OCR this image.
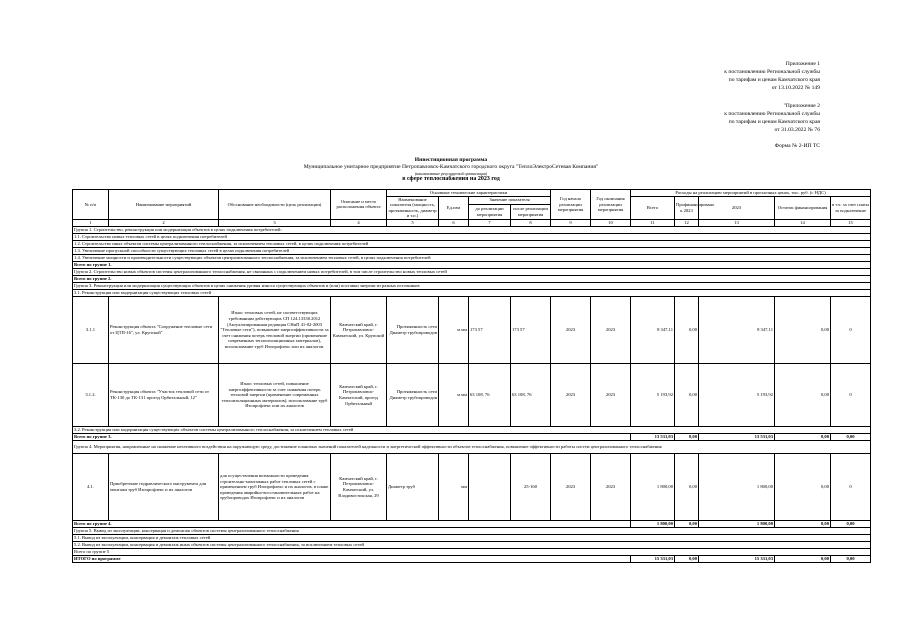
Приложение 1
к постановлению Региональной службы
по тарифам и ценам Камчатского края
от 13.10.2022 № 149
"Приложение 2
к постановлению Региональной службы
по тарифам и ценам Камчатского края
от 31.03.2022 № 76
Форма № 2-ИП ТС
Инвестиционная программа
Муниципальное унитарное предприятие Петропавловск-Камчатского городского округа "ТеплоЭлектроСетевая Компания"
(наименование регулируемой организации)
в сфере теплоснабжения на 2023 год
№ п/п	Наименование мероприятий	Обоснование необходимости (цель реализации)	Описание и место расположения объекта	Основные технические характеристики				Год начала реализации мероприятия	Год окончания реализации мероприятия	Расходы на реализацию мероприятий в прогнозных ценах, тыс. руб. (с НДС)				
				Наименование показателя (мощность, протяженность, диаметр и т.п.)	Ед.изм	Значение показателя				Всего	Профинансировано к 2023	2023	Остаток финансирования	в т.ч. за счет платы за подключение
						до реализации мероприятия	после реализации мероприятия							
1	2	3	4	5	6	7	8	9	10	11	12	13	14	15
Группа 1. Строительство, реконструкция или модернизация объектов в целях подключения потребителей:														
1.1. Строительство новых тепловых сетей в целях подключения потребителей														
1.2. Строительство иных объектов системы централизованного теплоснабжения, за исключением тепловых сетей, в целях подключения потребителей														
1.3. Увеличение пропускной способности существующих тепловых сетей в целях подключения потребителей														
1.4. Увеличение мощности и производительности существующих объектов централизованного теплоснабжения, за исключением тепловых сетей, в целях подключения потребителей														
Всего по группе 1.														
Группа 2. Строительство новых объектов системы централизованного теплоснабжения, не связанных с подключением новых потребителей, в том числе строительство новых тепловых сетей														
Всего по группе 2.														
Группа 3. Реконструкция или модернизация существующих объектов в целях снижения уровня износа существующих объектов и (или) поставки энергии из разных источников														
3.1. Реконструкция или модернизация существующих тепловых сетей														
3.1.1	Реконструкция объекта "Сооружение тепловые сети от ЦТП-16", ул. Крупской"	Износ тепловых сетей, не соответствующих требованиям действующих СП 124.13330.2012 (Актуализированная редакция СНиП 41-02-2003 "Тепловые сети"), повышение энергоэффективности за счет снижения потерь тепловой энергии (применение современных теплоизоляционных материалов), использование труб Изопрофлекс или их аналогов.	Камчатский край, г. Петропавловск-Камчатский, ул. Крупской	Протяженность сети Диаметр трубопроводов	м мм	173 57	173 57	2023	2023	8 347,11	0,00	8 347,11	0,00	0
3.1.2.	Реконструкция объекта "Участок тепловой сети от ТК-130 до ТК-131 проезд Орбитальный, 12"	Износ тепловых сетей, повышение энергоэффективности за счет снижения потерь тепловой энергии (применение современных теплоизоляционных материалов), использование труб Изопрофлекс или их аналогов	Камчатский край, г. Петропавловск-Камчатский, проезд Орбитальный	Протяженность сети Диаметр трубопроводов	м мм	63 108, 76	63 108, 76	2023	2023	5 193,92	0,00	5 193,92	0,00	0
3.2. Реконструкция или модернизация существующих объектов системы централизованного теплоснабжения, за исключением тепловых сетей														
Всего по группе 3.										13 531,03	0,00	13 531,03	0,00	0,00
Группа 4. Мероприятия, направленные на снижение негативного воздействия на окружающую среду, достижение плановых значений показателей надежности и энергетической эффективности объектов теплоснабжения, повышение эффективности работы систем централизованного теплоснабжения														
4.1.	Приобретение гидравлического инструмента для монтажа труб Изопрофлекс и их аналогов	для осуществления возможности проведения строительно-монтажных работ тепловых сетей с применением труб Изопрофлекс и их аналогов, в плане проведения аварийно-восстановительных работ на трубопроводах Изопрофлекс и их аналогов	Камчатский край, г. Петропавловск-Камчатский, ул. Владивостокская, 29	Диаметр труб	мм		25-160	2023	2023	1 800,00	0,00	1 800,00	0,00	0
Всего по группе 4.										1 800,00	0,00	1 800,00	0,00	0,00
Группа 5. Вывод из эксплуатации, консервация и демонтаж объектов системы централизованного теплоснабжения														
5.1. Вывод из эксплуатации, консервация и демонтаж тепловых сетей														
5.2. Вывод из эксплуатации, консервация и демонтаж иных объектов системы централизованного теплоснабжения, за исключением тепловых сетей														
Всего по группе 5														
ИТОГО по программе										15 331,03	0,00	15 331,03	0,00	0,00
